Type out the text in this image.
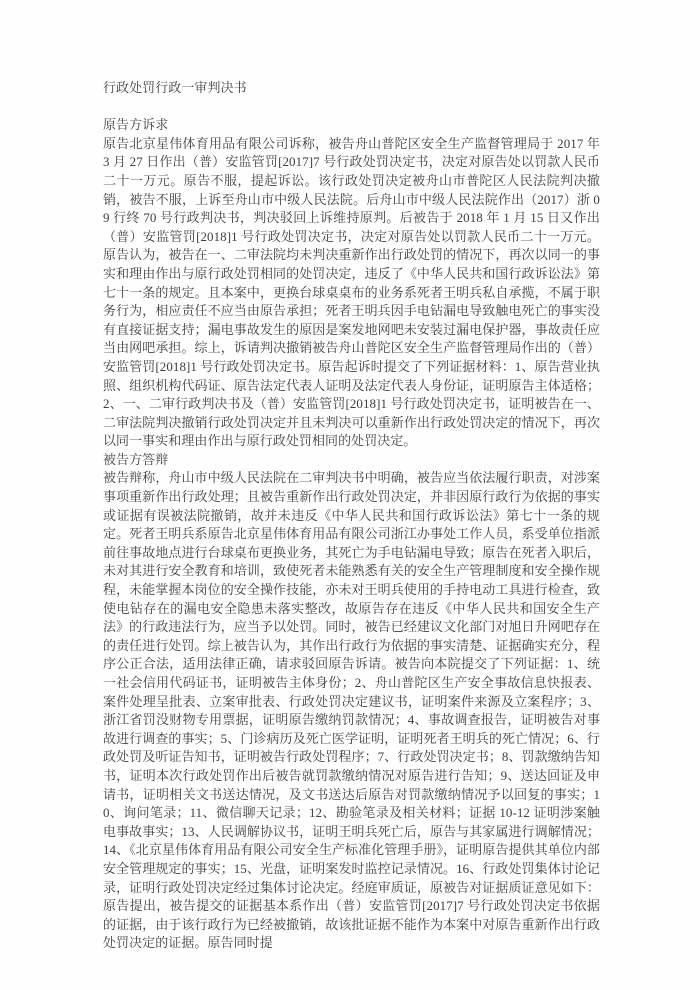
行政处罚行政一审判决书
原告方诉求

原告北京星伟体育用品有限公司诉称，被告舟山普陀区安全生产监督管理局于 2017 年 3 月 27 日作出（普）安监管罚[2017]7 号行政处罚决定书，决定对原告处以罚款人民币二十一万元。原告不服，提起诉讼。该行政处罚决定被舟山市普陀区人民法院判决撤销，被告不服，上诉至舟山市中级人民法院。后舟山市中级人民法院作出（2017）浙 09 行终 70 号行政判决书，判决驳回上诉维持原判。后被告于 2018 年 1 月 15 日又作出（普）安监管罚[2018]1 号行政处罚决定书，决定对原告处以罚款人民币二十一万元。原告认为，被告在一、二审法院均未判决重新作出行政处罚的情况下，再次以同一的事实和理由作出与原行政处罚相同的处罚决定，违反了《中华人民共和国行政诉讼法》第七十一条的规定。且本案中，更换台球桌桌布的业务系死者王明兵私自承揽，不属于职务行为，相应责任不应当由原告承担；死者王明兵因手电钻漏电导致触电死亡的事实没有直接证据支持；漏电事故发生的原因是案发地网吧未安装过漏电保护器，事故责任应当由网吧承担。综上，诉请判决撤销被告舟山普陀区安全生产监督管理局作出的（普）安监管罚[2018]1 号行政处罚决定书。原告起诉时提交了下列证据材料：1、原告营业执照、组织机构代码证、原告法定代表人证明及法定代表人身份证，证明原告主体适格；2、一、二审行政判决书及（普）安监管罚[2018]1 号行政处罚决定书，证明被告在一、二审法院判决撤销行政处罚决定并且未判决可以重新作出行政处罚决定的情况下，再次以同一事实和理由作出与原行政处罚相同的处罚决定。

被告方答辩

被告辩称，舟山市中级人民法院在二审判决书中明确，被告应当依法履行职责，对涉案事项重新作出行政处理；且被告重新作出行政处罚决定，并非因原行政行为依据的事实或证据有误被法院撤销，故并未违反《中华人民共和国行政诉讼法》第七十一条的规定。死者王明兵系原告北京星伟体育用品有限公司浙江办事处工作人员，系受单位指派前往事故地点进行台球桌布更换业务，其死亡为手电钻漏电导致；原告在死者入职后，未对其进行安全教育和培训，致使死者未能熟悉有关的安全生产管理制度和安全操作规程，未能掌握本岗位的安全操作技能，亦未对王明兵使用的手持电动工具进行检查，致使电钻存在的漏电安全隐患未落实整改，故原告存在违反《中华人民共和国安全生产法》的行政违法行为，应当予以处罚。同时，被告已经建议文化部门对旭日升网吧存在的责任进行处罚。综上被告认为，其作出行政行为依据的事实清楚、证据确实充分，程序公正合法，适用法律正确，请求驳回原告诉请。被告向本院提交了下列证据：1、统一社会信用代码证书，证明被告主体身份；2、舟山普陀区生产安全事故信息快报表、案件处理呈批表、立案审批表、行政处罚决定建议书，证明案件来源及立案程序；3、浙江省罚没财物专用票据，证明原告缴纳罚款情况；4、事故调查报告，证明被告对事故进行调查的事实；5、门诊病历及死亡医学证明，证明死者王明兵的死亡情况；6、行政处罚及听证告知书，证明被告行政处罚程序；7、行政处罚决定书；8、罚款缴纳告知书，证明本次行政处罚作出后被告就罚款缴纳情况对原告进行告知；9、送达回证及申请书，证明相关文书送达情况，及文书送达后原告对罚款缴纳情况予以回复的事实；10、询问笔录；11、微信聊天记录；12、勘验笔录及相关材料；证据 10-12 证明涉案触电事故事实；13、人民调解协议书，证明王明兵死亡后，原告与其家属进行调解情况；14、《北京星伟体育用品有限公司安全生产标准化管理手册》，证明原告提供其单位内部安全管理规定的事实；15、光盘，证明案发时监控记录情况。16、行政处罚集体讨论记录，证明行政处罚决定经过集体讨论决定。经庭审质证，原被告对证据质证意见如下：原告提出，被告提交的证据基本系作出（普）安监管罚[2017]7 号行政处罚决定书依据的证据，由于该行政行为已经被撤销，故该批证据不能作为本案中对原告重新作出行政处罚决定的证据。原告同时提
